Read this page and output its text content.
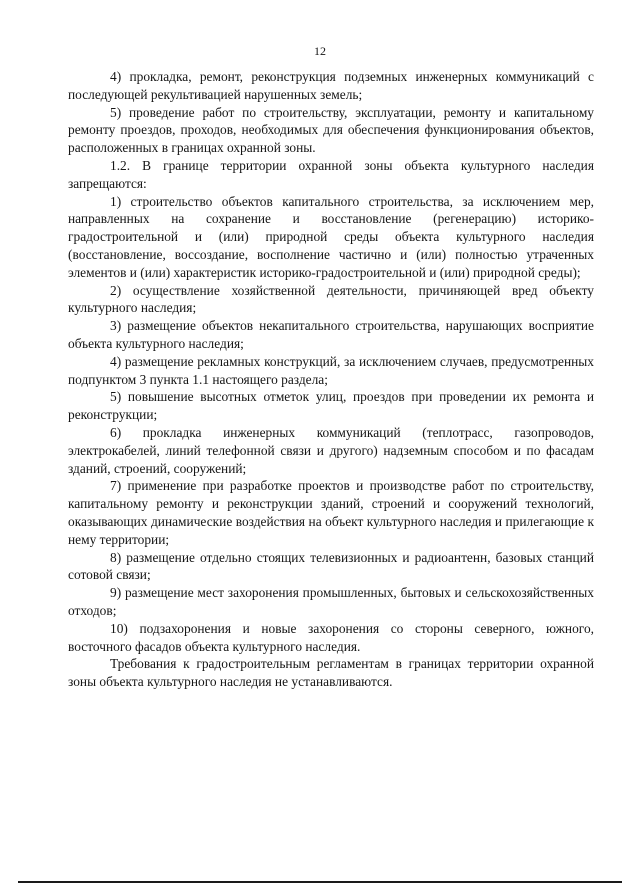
12

4) прокладка, ремонт, реконструкция подземных инженерных коммуникаций с последующей рекультивацией нарушенных земель;

5) проведение работ по строительству, эксплуатации, ремонту и капитальному ремонту проездов, проходов, необходимых для обеспечения функционирования объектов, расположенных в границах охранной зоны.

1.2. В границе территории охранной зоны объекта культурного наследия запрещаются:

1) строительство объектов капитального строительства, за исключением мер, направленных на сохранение и восстановление (регенерацию) историко-градостроительной и (или) природной среды объекта культурного наследия (восстановление, воссоздание, восполнение частично и (или) полностью утраченных элементов и (или) характеристик историко-градостроительной и (или) природной среды);

2) осуществление хозяйственной деятельности, причиняющей вред объекту культурного наследия;

3) размещение объектов некапитального строительства, нарушающих восприятие объекта культурного наследия;

4) размещение рекламных конструкций, за исключением случаев, предусмотренных подпунктом 3 пункта 1.1 настоящего раздела;

5) повышение высотных отметок улиц, проездов при проведении их ремонта и реконструкции;

6) прокладка инженерных коммуникаций (теплотрасс, газопроводов, электрокабелей, линий телефонной связи и другого) надземным способом и по фасадам зданий, строений, сооружений;

7) применение при разработке проектов и производстве работ по строительству, капитальному ремонту и реконструкции зданий, строений и сооружений технологий, оказывающих динамические воздействия на объект культурного наследия и прилегающие к нему территории;

8) размещение отдельно стоящих телевизионных и радиоантенн, базовых станций сотовой связи;

9) размещение мест захоронения промышленных, бытовых и сельскохозяйственных отходов;

10) подзахоронения и новые захоронения со стороны северного, южного, восточного фасадов объекта культурного наследия.

Требования к градостроительным регламентам в границах территории охранной зоны объекта культурного наследия не устанавливаются.
